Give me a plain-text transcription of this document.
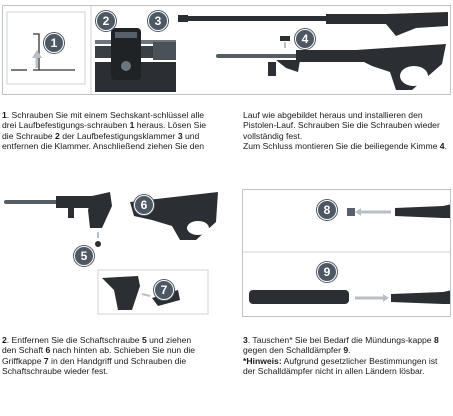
1
2	3
4
1. Schrauben Sie mit einem Sechskant-schlüssel alle drei Laufbefestigungs-schrauben 1 heraus. Lösen Sie die Schraube 2 der Laufbefestigungsklammer 3 und entfernen die Klammer. Anschließend ziehen Sie den
Lauf wie abgebildet heraus und installieren den Pistolen-Lauf. Schrauben Sie die Schrauben wieder vollständig fest.
Zum Schluss montieren Sie die beiliegende Kimme 4.
5
6
7
8
9
2. Entfernen Sie die Schaftschraube 5 und ziehen den Schaft 6 nach hinten ab. Schieben Sie nun die Griffkappe 7 in den Handgriff und Schrauben die Schaftschraube wieder fest.
3. Tauschen* Sie bei Bedarf die Mündungs-kappe 8 gegen den Schalldämpfer 9.
*Hinweis: Aufgrund gesetzlicher Bestimmungen ist der Schalldämpfer nicht in allen Ländern lösbar.
